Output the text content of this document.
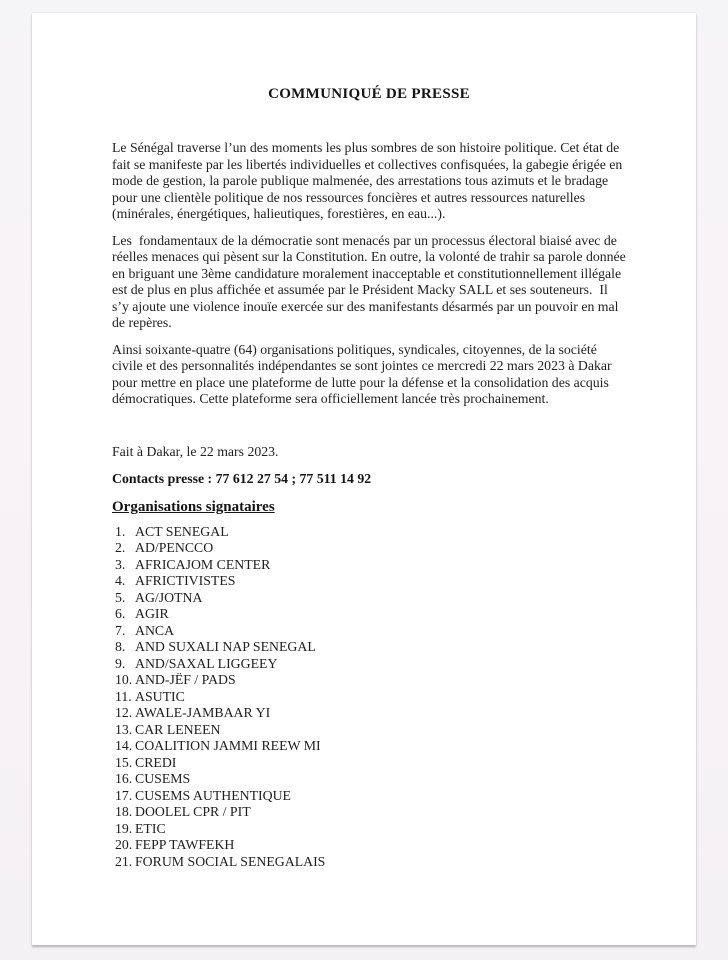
COMMUNIQUÉ DE PRESSE

Le Sénégal traverse l’un des moments les plus sombres de son histoire politique. Cet état de fait se manifeste par les libertés individuelles et collectives confisquées, la gabegie érigée en mode de gestion, la parole publique malmenée, des arrestations tous azimuts et le bradage pour une clientèle politique de nos ressources foncières et autres ressources naturelles (minérales, énergétiques, halieutiques, forestières, en eau...).

Les  fondamentaux de la démocratie sont menacés par un processus électoral biaisé avec de réelles menaces qui pèsent sur la Constitution. En outre, la volonté de trahir sa parole donnée en briguant une 3ème candidature moralement inacceptable et constitutionnellement illégale est de plus en plus affichée et assumée par le Président Macky SALL et ses souteneurs.  Il s’y ajoute une violence inouïe exercée sur des manifestants désarmés par un pouvoir en mal de repères.

Ainsi soixante-quatre (64) organisations politiques, syndicales, citoyennes, de la société civile et des personnalités indépendantes se sont jointes ce mercredi 22 mars 2023 à Dakar pour mettre en place une plateforme de lutte pour la défense et la consolidation des acquis démocratiques. Cette plateforme sera officiellement lancée très prochainement.

Fait à Dakar, le 22 mars 2023.

Contacts presse : 77 612 27 54 ; 77 511 14 92

Organisations signataires
1. ACT SENEGAL
2. AD/PENCCO
3. AFRICAJOM CENTER
4. AFRICTIVISTES
5. AG/JOTNA
6. AGIR
7. ANCA
8. AND SUXALI NAP SENEGAL
9. AND/SAXAL LIGGEEY
10. AND-JËF / PADS
11. ASUTIC
12. AWALE-JAMBAAR YI
13. CAR LENEEN
14. COALITION JAMMI REEW MI
15. CREDI
16. CUSEMS
17. CUSEMS AUTHENTIQUE
18. DOOLEL CPR / PIT
19. ETIC
20. FEPP TAWFEKH
21. FORUM SOCIAL SENEGALAIS
